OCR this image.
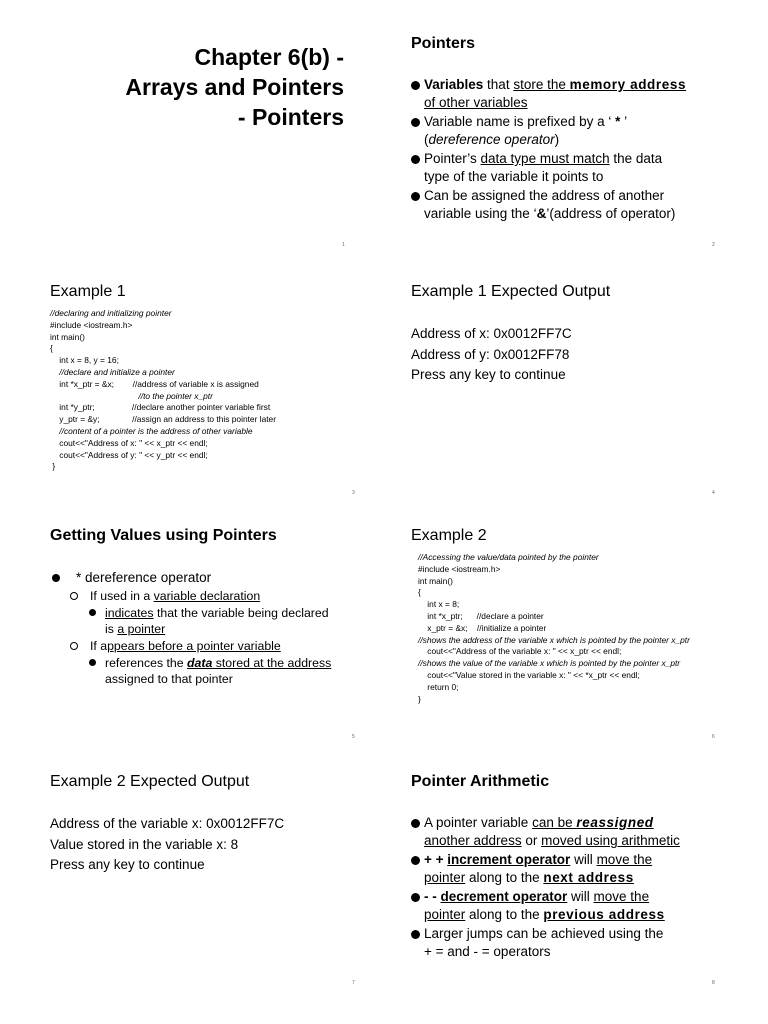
Chapter 6(b) -
Arrays and Pointers
- Pointers
1
Pointers
Variables that store the memory address
of other variables
Variable name is prefixed by a ‘ * ’
(dereference operator)
Pointer’s data type must match the data
type of the variable it points to
Can be assigned the address of another
variable using the ‘&’(address of operator)
2
Example 1
//declaring and initializing pointer
#include <iostream.h>
int main()
{
int x = 8, y = 16;
//declare and initialize a pointer
int *x_ptr = &x;        //address of variable x is assigned
//to the pointer x_ptr
int *y_ptr;                //declare another pointer variable first
y_ptr = &y;              //assign an address to this pointer later
//content of a pointer is the address of other variable
cout<<"Address of x: " << x_ptr << endl;
cout<<"Address of y: " << y_ptr << endl;
}
3
Example 1 Expected Output
Address of x: 0x0012FF7C
Address of y: 0x0012FF78
Press any key to continue
4
Getting Values using Pointers
* dereference operator
If used in a variable declaration
indicates that the variable being declared
is a pointer
If appears before a pointer variable
references the data stored at the address
assigned to that pointer
5
Example 2
//Accessing the value/data pointed by the pointer
#include <iostream.h>
int main()
{
int x = 8;
int *x_ptr;      //declare a pointer
x_ptr = &x;    //initialize a pointer
//shows the address of the variable x which is pointed by the pointer x_ptr
cout<<"Address of the variable x: " << x_ptr << endl;
//shows the value of the variable x which is pointed by the pointer x_ptr
cout<<"Value stored in the variable x: " << *x_ptr << endl;
return 0;
}
6
Example 2 Expected Output
Address of the variable x: 0x0012FF7C
Value stored in the variable x: 8
Press any key to continue
7
Pointer Arithmetic
A pointer variable can be reassigned
another address or moved using arithmetic
+ + increment operator will move the
pointer along to the next address
- - decrement operator will move the
pointer along to the previous address
Larger jumps can be achieved using the
+ = and - = operators
8
